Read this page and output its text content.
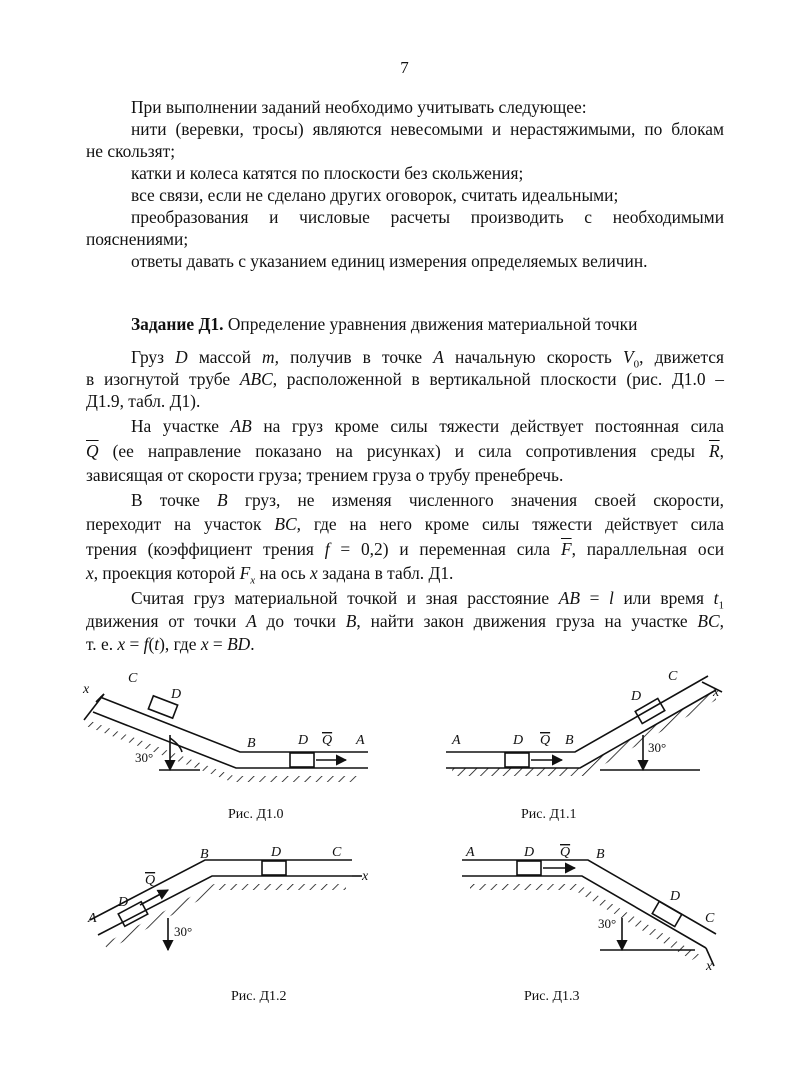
7
При выполнении заданий необходимо учитывать следующее:
нити (веревки, тросы) являются невесомыми и нерастяжимыми, по блокам
не скользят;
катки и колеса катятся по плоскости без скольжения;
все связи, если не сделано других оговорок, считать идеальными;
преобразования и числовые расчеты производить с необходимыми
пояснениями;
ответы давать с указанием единиц измерения определяемых величин.
Задание Д1. Определение уравнения движения материальной точки
Груз D массой m, получив в точке A начальную скорость $V_0$, движется
в изогнутой трубе ABC, расположенной в вертикальной плоскости (рис. Д1.0 –
Д1.9, табл. Д1).
На участке AB на груз кроме силы тяжести действует постоянная сила
$\overline{Q}$ (ее направление показано на рисунках) и сила сопротивления среды $\overline{R}$,
зависящая от скорости груза; трением груза о трубу пренебречь.
В точке B груз, не изменяя численного значения своей скорости,
переходит на участок BC, где на него кроме силы тяжести действует сила
трения (коэффициент трения f = 0,2) и переменная сила $\overline{F}$, параллельная оси
x, проекция которой $F_x$ на ось x задана в табл. Д1.
Считая груз материальной точкой и зная расстояние AB = l или время $t_1$
движения от точки A до точки B, найти закон движения груза на участке BC,
т. е. x = f(t), где x = BD.
C
D
x
B	D Q A
30°
Рис. Д1.0
A	D Q B
D
C
x
30°
Рис. Д1.1
A
D
Q
B	D	C
x
30°
Рис. Д1.2
A	D Q B
D
C
x
30°
Рис. Д1.3
